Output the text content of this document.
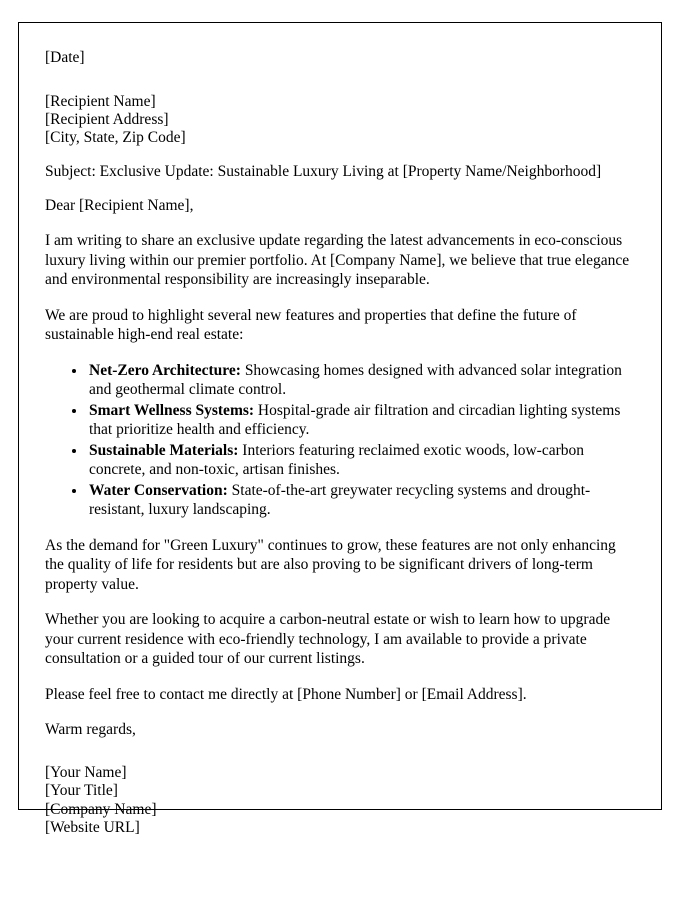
[Date]
[Recipient Name]
[Recipient Address]
[City, State, Zip Code]
Subject: Exclusive Update: Sustainable Luxury Living at [Property Name/Neighborhood]
Dear [Recipient Name],
I am writing to share an exclusive update regarding the latest advancements in eco-conscious luxury living within our premier portfolio. At [Company Name], we believe that true elegance and environmental responsibility are increasingly inseparable.
We are proud to highlight several new features and properties that define the future of sustainable high-end real estate:
• Net-Zero Architecture: Showcasing homes designed with advanced solar integration and geothermal climate control.
• Smart Wellness Systems: Hospital-grade air filtration and circadian lighting systems that prioritize health and efficiency.
• Sustainable Materials: Interiors featuring reclaimed exotic woods, low-carbon concrete, and non-toxic, artisan finishes.
• Water Conservation: State-of-the-art greywater recycling systems and drought-resistant, luxury landscaping.
As the demand for "Green Luxury" continues to grow, these features are not only enhancing the quality of life for residents but are also proving to be significant drivers of long-term property value.
Whether you are looking to acquire a carbon-neutral estate or wish to learn how to upgrade your current residence with eco-friendly technology, I am available to provide a private consultation or a guided tour of our current listings.
Please feel free to contact me directly at [Phone Number] or [Email Address].
Warm regards,
[Your Name]
[Your Title]
[Company Name]
[Website URL]
